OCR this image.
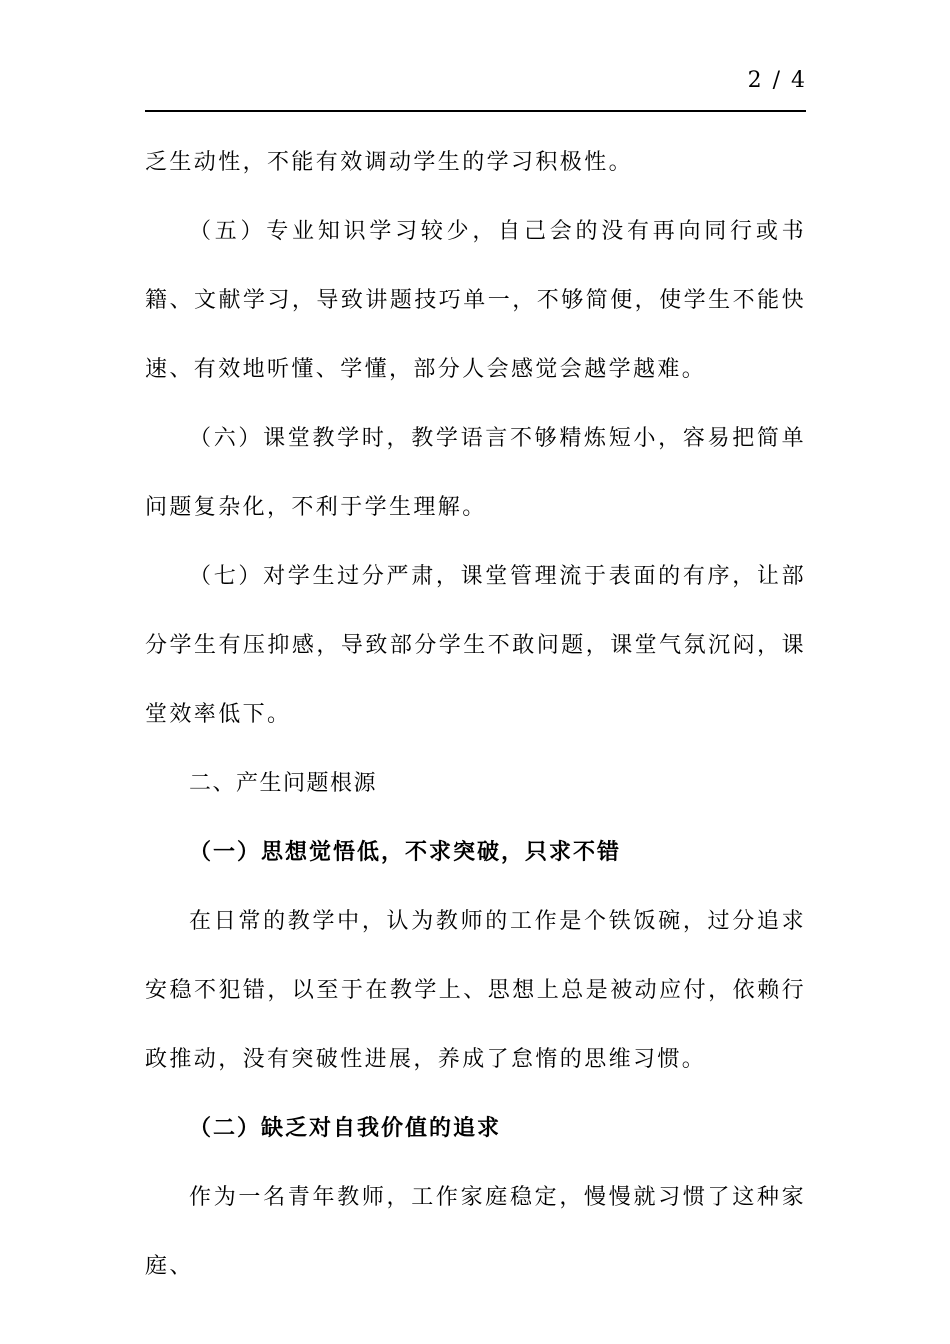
2 / 4

乏生动性，不能有效调动学生的学习积极性。

（五）专业知识学习较少，自己会的没有再向同行或书籍、文献学习，导致讲题技巧单一，不够简便，使学生不能快速、有效地听懂、学懂，部分人会感觉会越学越难。

（六）课堂教学时，教学语言不够精炼短小，容易把简单问题复杂化，不利于学生理解。

（七）对学生过分严肃，课堂管理流于表面的有序，让部分学生有压抑感，导致部分学生不敢问题，课堂气氛沉闷，课堂效率低下。

二、产生问题根源

（一）思想觉悟低，不求突破，只求不错

在日常的教学中，认为教师的工作是个铁饭碗，过分追求安稳不犯错，以至于在教学上、思想上总是被动应付，依赖行政推动，没有突破性进展，养成了怠惰的思维习惯。

（二）缺乏对自我价值的追求

作为一名青年教师，工作家庭稳定，慢慢就习惯了这种家庭、
